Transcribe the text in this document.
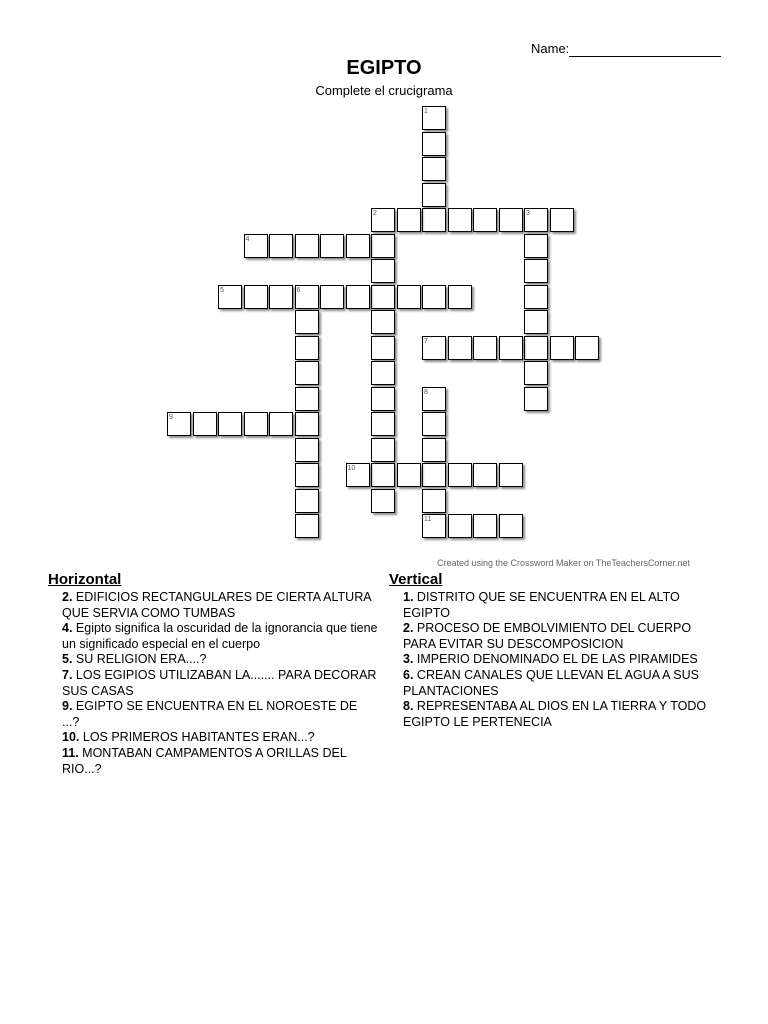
Name:
EGIPTO
Complete el crucigrama
1
2	3
4
5	6
7
8
9
10
11
Created using the Crossword Maker on TheTeachersCorner.net
Horizontal
2. EDIFICIOS RECTANGULARES DE CIERTA ALTURA QUE SERVIA COMO TUMBAS
4. Egipto significa la oscuridad de la ignorancia que tiene un significado especial en el cuerpo
5. SU RELIGION ERA....?
7. LOS EGIPIOS UTILIZABAN LA....... PARA DECORAR SUS CASAS
9. EGIPTO SE ENCUENTRA EN EL NOROESTE DE ...?
10. LOS PRIMEROS HABITANTES ERAN...?
11. MONTABAN CAMPAMENTOS A ORILLAS DEL RIO...?
Vertical
1. DISTRITO QUE SE ENCUENTRA EN EL ALTO EGIPTO
2. PROCESO DE EMBOLVIMIENTO DEL CUERPO PARA EVITAR SU DESCOMPOSICION
3. IMPERIO DENOMINADO EL DE LAS PIRAMIDES
6. CREAN CANALES QUE LLEVAN EL AGUA A SUS PLANTACIONES
8. REPRESENTABA AL DIOS EN LA TIERRA Y TODO EGIPTO LE PERTENECIA
